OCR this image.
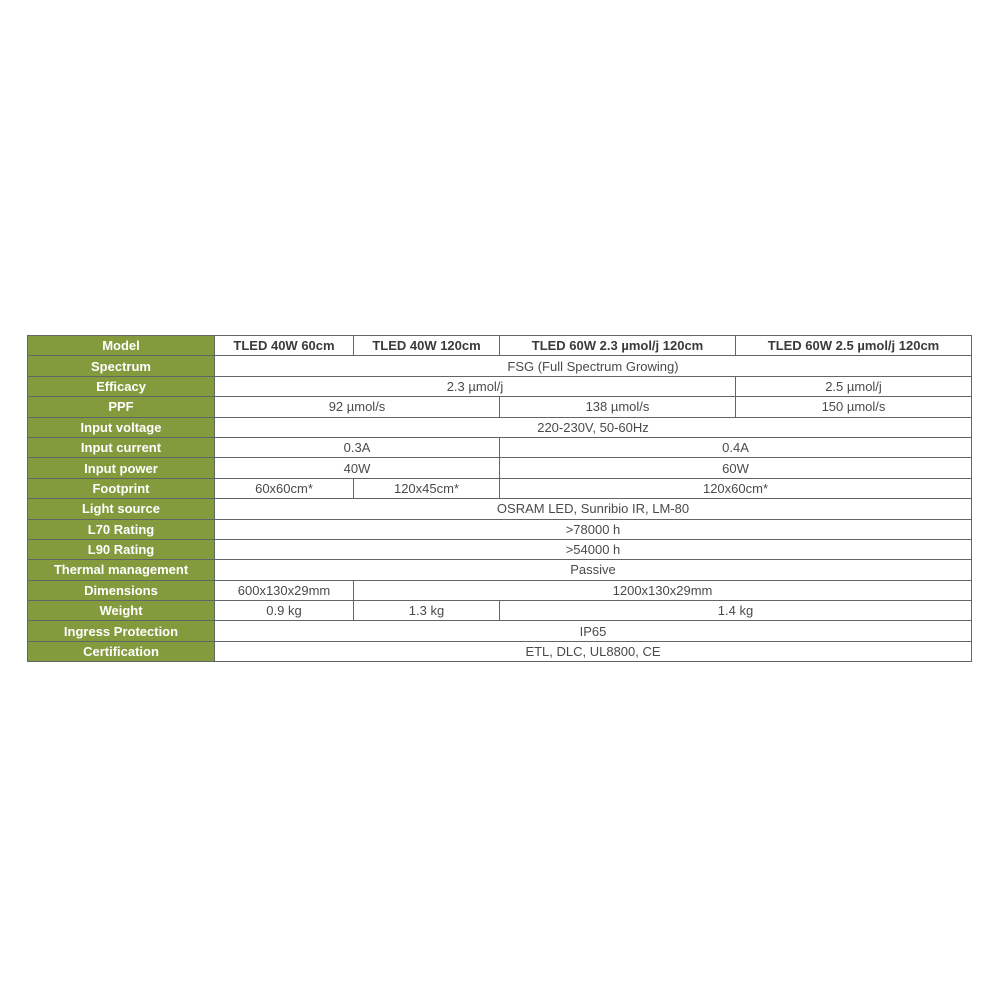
Model	TLED 40W 60cm	TLED 40W 120cm	TLED 60W 2.3 µmol/j 120cm	TLED 60W 2.5 µmol/j 120cm
Spectrum	FSG (Full Spectrum Growing)			
Efficacy	2.3 µmol/j			2.5 µmol/j
PPF	92 µmol/s		138 µmol/s	150 µmol/s
Input voltage	220-230V, 50-60Hz			
Input current	0.3A		0.4A	
Input power	40W		60W	
Footprint	60x60cm*	120x45cm*	120x60cm*	
Light source	OSRAM LED, Sunribio IR, LM-80			
L70 Rating	>78000 h			
L90 Rating	>54000 h			
Thermal management	Passive			
Dimensions	600x130x29mm	1200x130x29mm		
Weight	0.9 kg	1.3 kg	1.4 kg	
Ingress Protection	IP65			
Certification	ETL, DLC, UL8800, CE			
